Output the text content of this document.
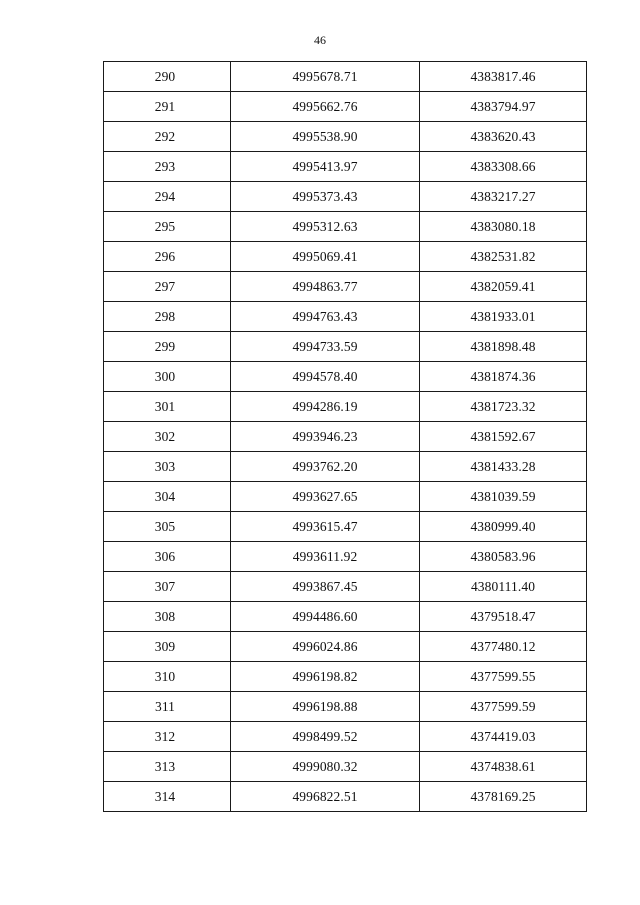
46
290	4995678.71	4383817.46
291	4995662.76	4383794.97
292	4995538.90	4383620.43
293	4995413.97	4383308.66
294	4995373.43	4383217.27
295	4995312.63	4383080.18
296	4995069.41	4382531.82
297	4994863.77	4382059.41
298	4994763.43	4381933.01
299	4994733.59	4381898.48
300	4994578.40	4381874.36
301	4994286.19	4381723.32
302	4993946.23	4381592.67
303	4993762.20	4381433.28
304	4993627.65	4381039.59
305	4993615.47	4380999.40
306	4993611.92	4380583.96
307	4993867.45	4380111.40
308	4994486.60	4379518.47
309	4996024.86	4377480.12
310	4996198.82	4377599.55
311	4996198.88	4377599.59
312	4998499.52	4374419.03
313	4999080.32	4374838.61
314	4996822.51	4378169.25
